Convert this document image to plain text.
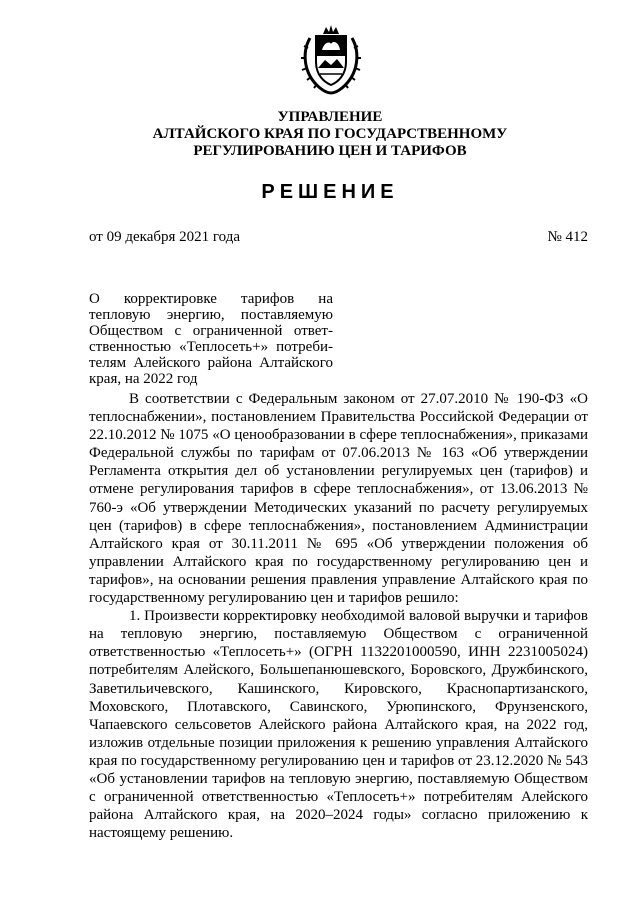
УПРАВЛЕНИЕ
АЛТАЙСКОГО КРАЯ ПО ГОСУДАРСТВЕННОМУ
РЕГУЛИРОВАНИЮ ЦЕН И ТАРИФОВ
РЕШЕНИЕ
от 09 декабря 2021 года	№ 412
О корректировке тарифов на тепловую энергию, поставляемую Обществом с ограниченной ответственностью «Теплосеть+» потребителям Алейского района Алтайского края, на 2022 год

В соответствии с Федеральным законом от 27.07.2010 № 190-ФЗ «О теплоснабжении», постановлением Правительства Российской Федерации от 22.10.2012 № 1075 «О ценообразовании в сфере теплоснабжения», приказами Федеральной службы по тарифам от 07.06.2013 № 163 «Об утверждении Регламента открытия дел об установлении регулируемых цен (тарифов) и отмене регулирования тарифов в сфере теплоснабжения», от 13.06.2013 № 760-э «Об утверждении Методических указаний по расчету регулируемых цен (тарифов) в сфере теплоснабжения», постановлением Администрации Алтайского края от 30.11.2011 № 695 «Об утверждении положения об управлении Алтайского края по государственному регулированию цен и тарифов», на основании решения правления управление Алтайского края по государственному регулированию цен и тарифов решило:

1. Произвести корректировку необходимой валовой выручки и тарифов на тепловую энергию, поставляемую Обществом с ограниченной ответственностью «Теплосеть+» (ОГРН 1132201000590, ИНН 2231005024) потребителям Алейского, Большепанюшевского, Боровского, Дружбинского, Заветильичевского, Кашинского, Кировского, Краснопартизанского, Моховского, Плотавского, Савинского, Урюпинского, Фрунзенского, Чапаевского сельсоветов Алейского района Алтайского края, на 2022 год, изложив отдельные позиции приложения к решению управления Алтайского края по государственному регулированию цен и тарифов от 23.12.2020 № 543 «Об установлении тарифов на тепловую энергию, поставляемую Обществом с ограниченной ответственностью «Теплосеть+» потребителям Алейского района Алтайского края, на 2020–2024 годы» согласно приложению к настоящему решению.
